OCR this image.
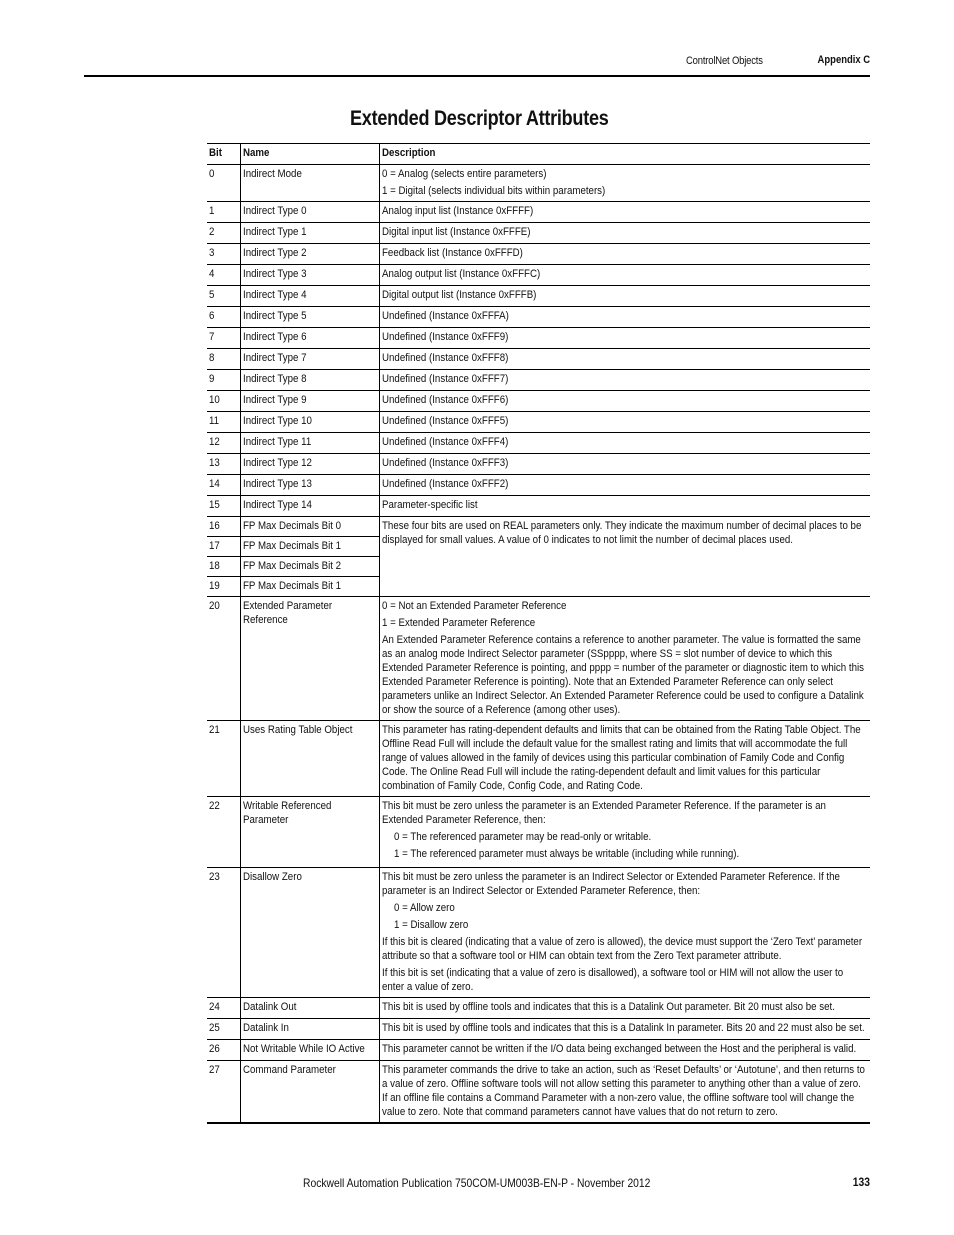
ControlNet Objects	Appendix C
Extended Descriptor Attributes
Bit	Name	Description

0	Indirect Mode	0 = Analog (selects entire parameters)

1 = Digital (selects individual bits within parameters)

1	Indirect Type 0	Analog input list (Instance 0xFFFF)

2	Indirect Type 1	Digital input list (Instance 0xFFFE)

3	Indirect Type 2	Feedback list (Instance 0xFFFD)

4	Indirect Type 3	Analog output list (Instance 0xFFFC)

5	Indirect Type 4	Digital output list (Instance 0xFFFB)

6	Indirect Type 5	Undefined (Instance 0xFFFA)

7	Indirect Type 6	Undefined (Instance 0xFFF9)

8	Indirect Type 7	Undefined (Instance 0xFFF8)

9	Indirect Type 8	Undefined (Instance 0xFFF7)

10	Indirect Type 9	Undefined (Instance 0xFFF6)

11	Indirect Type 10	Undefined (Instance 0xFFF5)

12	Indirect Type 11	Undefined (Instance 0xFFF4)

13	Indirect Type 12	Undefined (Instance 0xFFF3)

14	Indirect Type 13	Undefined (Instance 0xFFF2)

15	Indirect Type 14	Parameter-specific list

16	FP Max Decimals Bit 0	These four bits are used on REAL parameters only. They indicate the maximum number of decimal places to be displayed for small values. A value of 0 indicates to not limit the number of decimal places used.

17	FP Max Decimals Bit 1	

18	FP Max Decimals Bit 2	

19	FP Max Decimals Bit 1	

20	Extended Parameter Reference	0 = Not an Extended Parameter Reference

1 = Extended Parameter Reference

An Extended Parameter Reference contains a reference to another parameter. The value is formatted the same as an analog mode Indirect Selector parameter (SSpppp, where SS = slot number of device to which this Extended Parameter Reference is pointing, and pppp = number of the parameter or diagnostic item to which this Extended Parameter Reference is pointing). Note that an Extended Parameter Reference can only select parameters unlike an Indirect Selector. An Extended Parameter Reference could be used to configure a Datalink or show the source of a Reference (among other uses).

21	Uses Rating Table Object	This parameter has rating-dependent defaults and limits that can be obtained from the Rating Table Object. The Offline Read Full will include the default value for the smallest rating and limits that will accommodate the full range of values allowed in the family of devices using this particular combination of Family Code and Config Code. The Online Read Full will include the rating-dependent default and limit values for this particular combination of Family Code, Config Code, and Rating Code.

22	Writable Referenced Parameter	This bit must be zero unless the parameter is an Extended Parameter Reference. If the parameter is an Extended Parameter Reference, then:

0 = The referenced parameter may be read-only or writable.

1 = The referenced parameter must always be writable (including while running).

23	Disallow Zero	This bit must be zero unless the parameter is an Indirect Selector or Extended Parameter Reference. If the parameter is an Indirect Selector or Extended Parameter Reference, then:

0 = Allow zero

1 = Disallow zero

If this bit is cleared (indicating that a value of zero is allowed), the device must support the ‘Zero Text’ parameter attribute so that a software tool or HIM can obtain text from the Zero Text parameter attribute.

If this bit is set (indicating that a value of zero is disallowed), a software tool or HIM will not allow the user to enter a value of zero.

24	Datalink Out	This bit is used by offline tools and indicates that this is a Datalink Out parameter. Bit 20 must also be set.

25	Datalink In	This bit is used by offline tools and indicates that this is a Datalink In parameter. Bits 20 and 22 must also be set.

26	Not Writable While IO Active	This parameter cannot be written if the I/O data being exchanged between the Host and the peripheral is valid.

27	Command Parameter	This parameter commands the drive to take an action, such as ‘Reset Defaults’ or ‘Autotune’, and then returns to a value of zero. Offline software tools will not allow setting this parameter to anything other than a value of zero. If an offline file contains a Command Parameter with a non-zero value, the offline software tool will change the value to zero. Note that command parameters cannot have values that do not return to zero.

Rockwell Automation Publication 750COM-UM003B-EN-P - November 2012	133
